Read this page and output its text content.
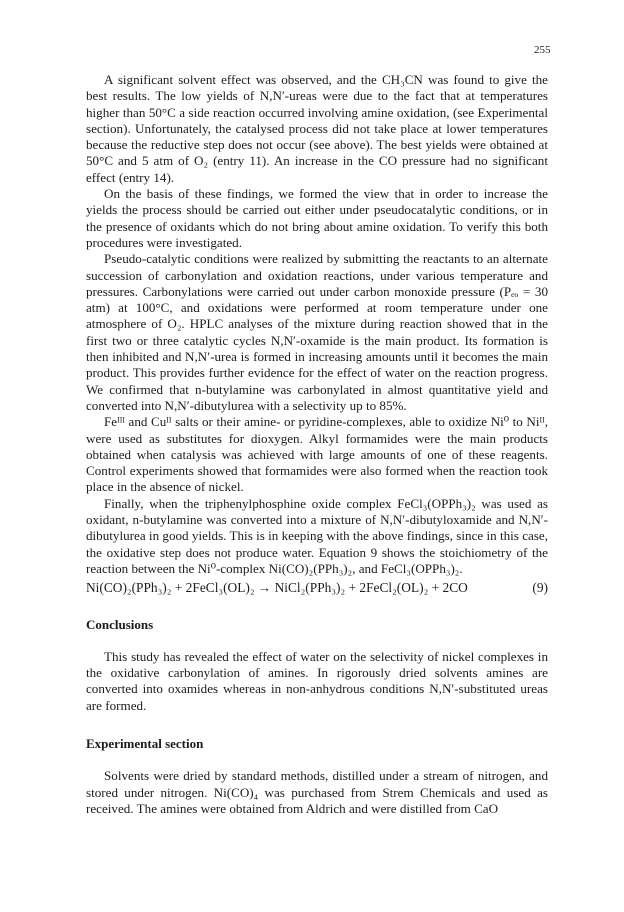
255

A significant solvent effect was observed, and the CH₃CN was found to give the best results. The low yields of N,N′-ureas were due to the fact that at temperatures higher than 50°C a side reaction occurred involving amine oxidation, (see Experimental section). Unfortunately, the catalysed process did not take place at lower temperatures because the reductive step does not occur (see above). The best yields were obtained at 50°C and 5 atm of O₂ (entry 11). An increase in the CO pressure had no significant effect (entry 14).

On the basis of these findings, we formed the view that in order to increase the yields the process should be carried out either under pseudocatalytic conditions, or in the presence of oxidants which do not bring about amine oxidation. To verify this both procedures were investigated.

Pseudo-catalytic conditions were realized by submitting the reactants to an alternate succession of carbonylation and oxidation reactions, under various temperature and pressures. Carbonylations were carried out under carbon monoxide pressure (Pₑₒ = 30 atm) at 100°C, and oxidations were performed at room temperature under one atmosphere of O₂. HPLC analyses of the mixture during reaction showed that in the first two or three catalytic cycles N,N′-oxamide is the main product. Its formation is then inhibited and N,N′-urea is formed in increasing amounts until it becomes the main product. This provides further evidence for the effect of water on the reaction progress. We confirmed that n-butylamine was carbonylated in almost quantitative yield and converted into N,N′-dibutylurea with a selectivity up to 85%.

Feᴵᴵᴵ and Cuᴵᴵ salts or their amine- or pyridine-complexes, able to oxidize Ni⁰ to Niᴵᴵ, were used as substitutes for dioxygen. Alkyl formamides were the main products obtained when catalysis was achieved with large amounts of one of these reagents. Control experiments showed that formamides were also formed when the reaction took place in the absence of nickel.

Finally, when the triphenylphosphine oxide complex FeCl₃(OPPh₃)₂ was used as oxidant, n-butylamine was converted into a mixture of N,N′-dibutyloxamide and N,N′-dibutylurea in good yields. This is in keeping with the above findings, since in this case, the oxidative step does not produce water. Equation 9 shows the stoichiometry of the reaction between the Ni⁰-complex Ni(CO)₂(PPh₃)₂, and FeCl₃(OPPh₃)₂.

Ni(CO)₂(PPh₃)₂ + 2FeCl₃(OL)₂ → NiCl₂(PPh₃)₂ + 2FeCl₂(OL)₂ + 2CO	(9)
Conclusions

This study has revealed the effect of water on the selectivity of nickel complexes in the oxidative carbonylation of amines. In rigorously dried solvents amines are converted into oxamides whereas in non-anhydrous conditions N,N′-substituted ureas are formed.

Experimental section

Solvents were dried by standard methods, distilled under a stream of nitrogen, and stored under nitrogen. Ni(CO)₄ was purchased from Strem Chemicals and used as received. The amines were obtained from Aldrich and were distilled from CaO
